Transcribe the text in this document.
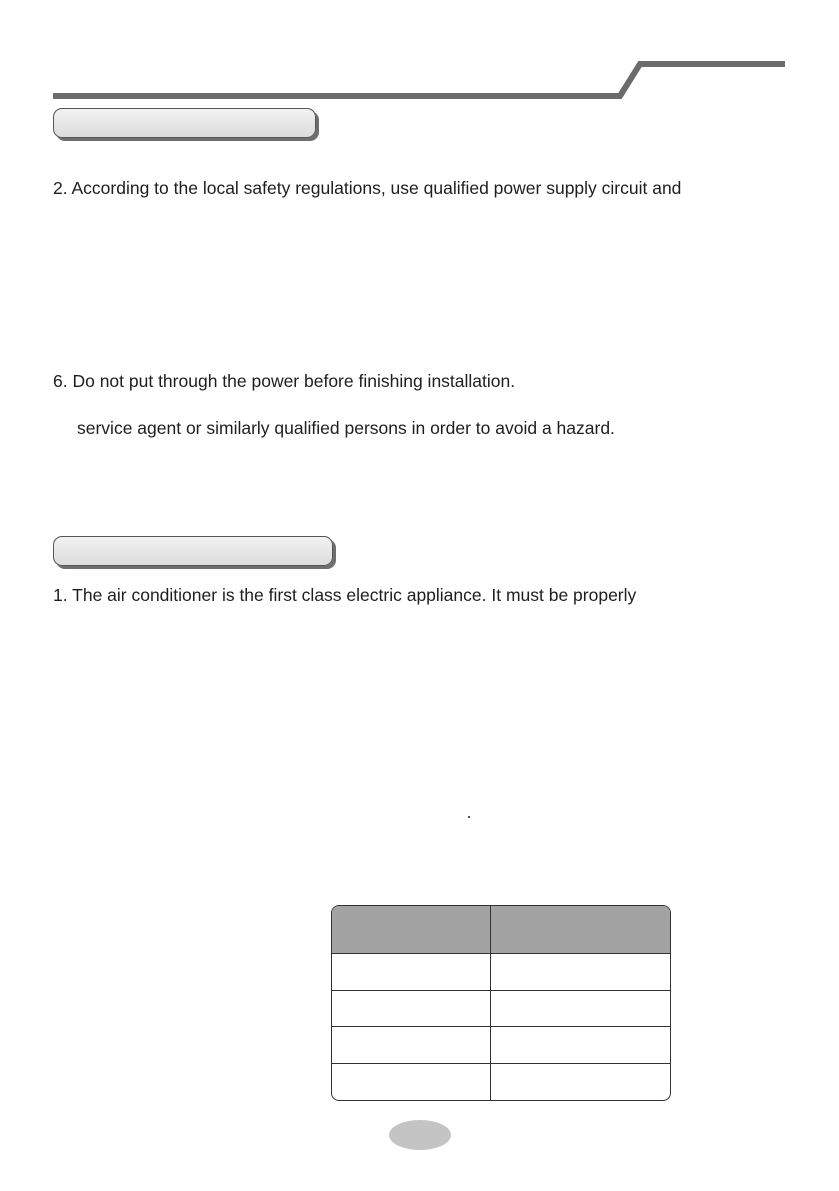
2. According to the local safety regulations, use qualified power supply circuit and
6. Do not put through the power before finishing installation.
service agent or similarly qualified persons in order to avoid a hazard.
1. The air conditioner is the first class electric appliance. It must be properly
